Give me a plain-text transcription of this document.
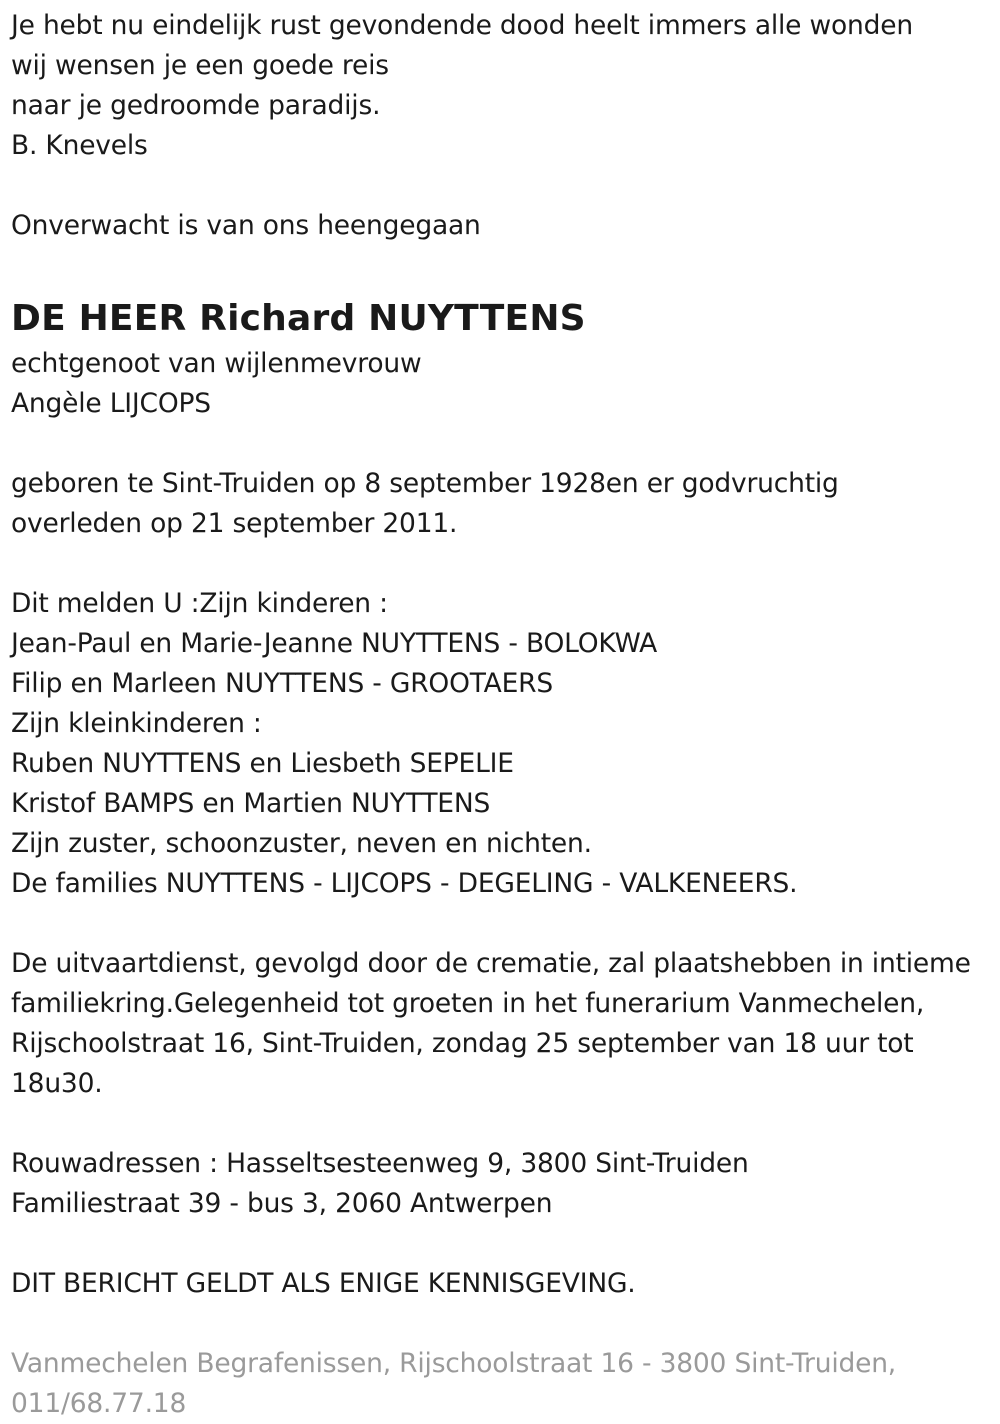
Je hebt nu eindelijk rust gevondende dood heelt immers alle wonden
wij wensen je een goede reis
naar je gedroomde paradijs.
B. Knevels
Onverwacht is van ons heengegaan
DE HEER Richard NUYTTENS
echtgenoot van wijlenmevrouw
Angèle LIJCOPS
geboren te Sint-Truiden op 8 september 1928en er godvruchtig
overleden op 21 september 2011.
Dit melden U :Zijn kinderen :
Jean-Paul en Marie-Jeanne NUYTTENS - BOLOKWA
Filip en Marleen NUYTTENS - GROOTAERS
Zijn kleinkinderen :
Ruben NUYTTENS en Liesbeth SEPELIE
Kristof BAMPS en Martien NUYTTENS
Zijn zuster, schoonzuster, neven en nichten.
De families NUYTTENS - LIJCOPS - DEGELING - VALKENEERS.
De uitvaartdienst, gevolgd door de crematie, zal plaatshebben in intieme
familiekring.Gelegenheid tot groeten in het funerarium Vanmechelen,
Rijschoolstraat 16, Sint-Truiden, zondag 25 september van 18 uur tot
18u30.
Rouwadressen : Hasseltsesteenweg 9, 3800 Sint-Truiden
Familiestraat 39 - bus 3, 2060 Antwerpen
DIT BERICHT GELDT ALS ENIGE KENNISGEVING.
Vanmechelen Begrafenissen, Rijschoolstraat 16 - 3800 Sint-Truiden,
011/68.77.18
